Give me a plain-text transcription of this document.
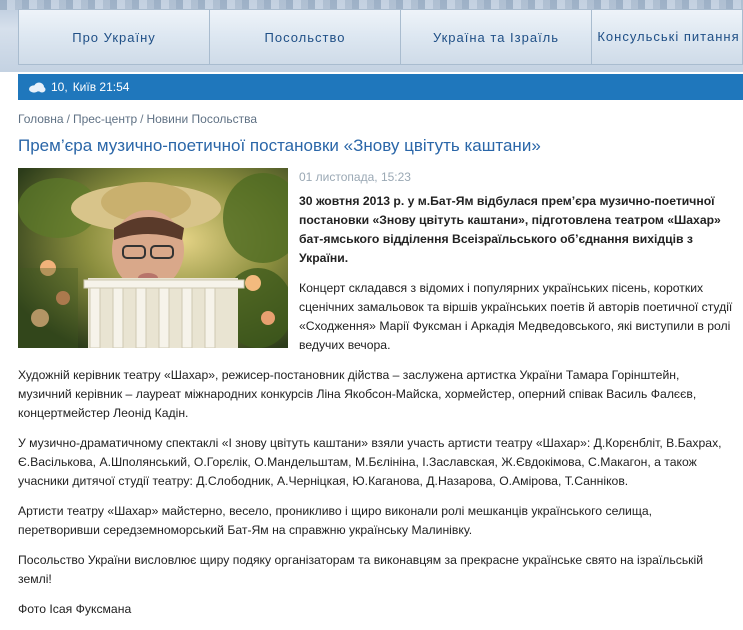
Про Україну	Посольство	Україна та Ізраїль	Консульські питання
10, Київ 21:54
Головна / Прес-центр / Новини Посольства
Прем’єра музично-поетичної постановки «Знову цвітуть каштани»
01 листопада, 15:23

30 жовтня 2013 р. у м.Бат-Ям відбулася прем’єра музично-поетичної постановки «Знову цвітуть каштани», підготовлена театром «Шахар» бат-ямського відділення Всеізраїльського об’єднання вихідців з України.

Концерт складався з відомих і популярних українських пісень, коротких сценічних замальовок та віршів українських поетів й авторів поетичної студії «Сходження» Марії Фуксман і Аркадія Медведовського, які виступили в ролі ведучих вечора.

Художній керівник театру «Шахар», режисер-постановник дійства – заслужена артистка України Тамара Горінштейн, музичний керівник – лауреат міжнародних конкурсів Ліна Якобсон-Майска, хормейстер, оперний співак Василь Фалєєв, концертмейстер Леонід Кадін.

У музично-драматичному спектаклі «І знову цвітуть каштани» взяли участь артисти театру «Шахар»: Д.Корєнбліт, В.Бахрах, Є.Васількова, А.Шполянський, О.Горєлік, О.Мандельштам, М.Бєлініна, І.Заславская, Ж.Євдокімова, С.Макагон, а також учасники дитячої студії театру: Д.Слободник, А.Черніцкая, Ю.Каганова, Д.Назарова, О.Амірова, Т.Санніков.

Артисти театру «Шахар» майстерно, весело, проникливо і щиро виконали ролі мешканців українського селища, перетворивши середземноморський Бат-Ям на справжню українську Малинівку.

Посольство України висловлює щиру подяку організаторам та виконавцям за прекрасне українське свято на ізраїльській землі!

Фото Ісая Фуксмана
